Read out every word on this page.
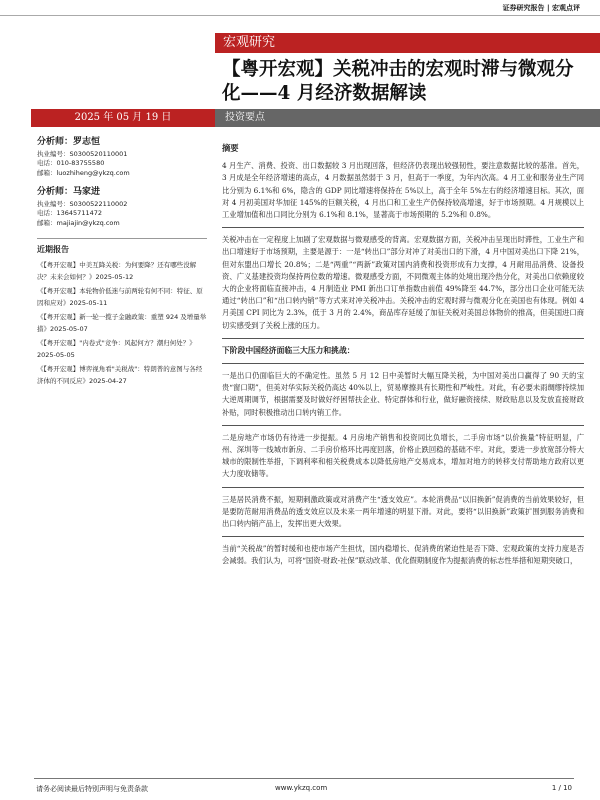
证券研究报告 | 宏观点评
宏观研究
【粤开宏观】关税冲击的宏观时滞与微观分化——4 月经济数据解读
2025 年 05 月 19 日	投资要点
分析师：罗志恒
执业编号：S0300520110001
电话：010-83755580
邮箱：luozhiheng@ykzq.com
分析师：马家进
执业编号：S0300522110002
电话：13645711472
邮箱：majiajin@ykzq.com
近期报告
《【粤开宏观】中美互降关税：为何要降？还有哪些没解决？未来会如何？》2025-05-12
《【粤开宏观】本轮物价低迷与前两轮有何不同：特征、原因和应对》2025-05-11
《【粤开宏观】新一轮一揽子金融政策：重塑 924 及增量举措》2025-05-07
《【粤开宏观】"内卷式"竞争：风起何方？潮归何处？》2025-05-05
《【粤开宏观】博弈视角看"关税战"：特朗普的意图与各经济体的不同反应》2025-04-27
摘要

4 月生产、消费、投资、出口数据较 3 月出现回落，但经济仍表现出较强韧性，要注意数据比较的基准。首先，3 月成是全年经济增速的高点，4 月数据虽然弱于 3 月，但高于一季度，为年内次高。4 月工业和服务业生产同比分别为 6.1%和 6%，隐含的 GDP 同比增速将保持在 5%以上，高于全年 5%左右的经济增速目标。其次，面对 4 月初美国对华加征 145%的巨额关税，4 月出口和工业生产仍保持较高增速，好于市场预期。4 月规模以上工业增加值和出口同比分别为 6.1%和 8.1%，显著高于市场预期的 5.2%和 0.8%。

关税冲击在一定程度上加剧了宏观数据与微观感受的背离。宏观数据方面，关税冲击呈现出时滞性，工业生产和出口增速好于市场预期，主要是源于：一是“转出口”部分对冲了对美出口的下滑，4 月中国对美出口下降 21%，但对东盟出口增长 20.8%；二是“两重”“两新”政策对国内消费和投资形成有力支撑，4 月耐用品消费、设备投资、广义基建投资均保持两位数的增速。微观感受方面，不同微观主体的处境出现冷热分化，对美出口依赖度较大的企业将面临直接冲击，4 月制造业 PMI 新出口订单指数由前值 49%降至 44.7%，部分出口企业可能无法通过“转出口”和“出口转内销”等方式来对冲关税冲击。关税冲击的宏观时滞与微观分化在美国也有体现。例如 4 月美国 CPI 同比为 2.3%，低于 3 月的 2.4%，商品库存延缓了加征关税对美国总体物价的推高，但美国进口商切实感受到了关税上涨的压力。

下阶段中国经济面临三大压力和挑战：

一是出口仍面临巨大的不确定性。虽然 5 月 12 日中美暂时大幅互降关税，为中国对美出口赢得了 90 天的宝贵“窗口期”，但美对华实际关税仍高达 40%以上，贸易摩擦具有长期性和严峻性。对此，有必要未雨绸缪持续加大逆周期调节，根据需要及时做好纾困帮扶企业、特定群体和行业，做好融资接续、财政贴息以及发放直接财政补贴，同时积极推动出口转内销工作。

二是房地产市场仍有待进一步提振。4 月房地产销售和投资同比负增长，二手房市场“以价换量”特征明显，广州、深圳等一线城市新房、二手房价格环比再度回落，价格止跌回稳的基础不牢。对此，要进一步放宽部分特大城市的限制性举措，下调利率和相关税费成本以降低房地产交易成本，增加对地方的转移支付帮助地方政府以更大力度收储等。

三是居民消费不振，短期刺激政策或对消费产生“透支效应”。本轮消费品“以旧换新”促消费的当前效果较好，但是要防范耐用消费品的透支效应以及未来一两年增速的明显下滑。对此，要将“以旧换新”政策扩围到服务消费和出口转内销产品上，发挥出更大效果。

当前“关税战”的暂时缓和也使市场产生担忧，国内稳增长、促消费的紧迫性是否下降、宏观政策的支持力度是否会减弱。我们认为，可将“国资-财政-社保”联动改革、优化假期制度作为提振消费的标志性举措和短期突破口，

请务必阅读最后特别声明与免责条款	www.ykzq.com	1 / 10
